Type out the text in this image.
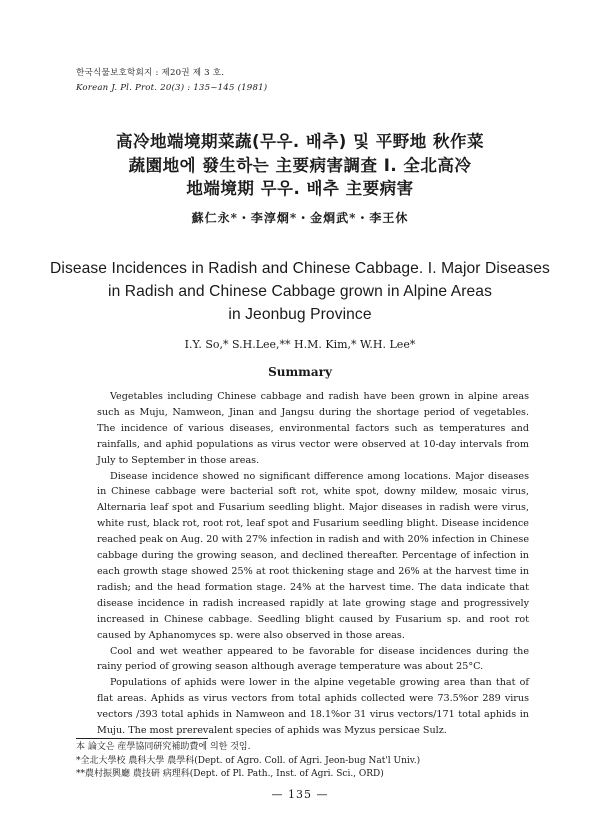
한국식물보호학회지 : 제20권 제 3 호.
Korean J. Pl. Prot. 20(3) : 135~145 (1981)
高冷地端境期菜蔬(무우. 배추) 및 平野地 秋作菜
蔬園地에 發生하는 主要病害調査 I. 全北高冷
地端境期 무우. 배추 主要病害
蘇仁永*・李淳烱*・金烱武*・李王休
Disease Incidences in Radish and Chinese Cabbage. I. Major Diseases
in Radish and Chinese Cabbage grown in Alpine Areas
in Jeonbug Province
I.Y. So,* S.H.Lee,** H.M. Kim,* W.H. Lee*
Summary

Vegetables including Chinese cabbage and radish have been grown in alpine areas such as Muju, Namweon, Jinan and Jangsu during the shortage period of vegetables. The incidence of various diseases, environmental factors such as temperatures and rainfalls, and aphid populations as virus vector were observed at 10-day intervals from July to September in those areas.

Disease incidence showed no significant difference among locations. Major diseases in Chinese cabbage were bacterial soft rot, white spot, downy mildew, mosaic virus, Alternaria leaf spot and Fusarium seedling blight. Major diseases in radish were virus, white rust, black rot, root rot, leaf spot and Fusarium seedling blight. Disease incidence reached peak on Aug. 20 with 27% infection in radish and with 20% infection in Chinese cabbage during the growing season, and declined thereafter. Percentage of infection in each growth stage showed 25% at root thickening stage and 26% at the harvest time in radish; and the head formation stage. 24% at the harvest time. The data indicate that disease incidence in radish increased rapidly at late growing stage and progressively increased in Chinese cabbage. Seedling blight caused by Fusarium sp. and root rot caused by Aphanomyces sp. were also observed in those areas.

Cool and wet weather appeared to be favorable for disease incidences during the rainy period of growing season although average temperature was about 25°C.

Populations of aphids were lower in the alpine vegetable growing area than that of flat areas. Aphids as virus vectors from total aphids collected were 73.5%or 289 virus vectors /393 total aphids in Namweon and 18.1%or 31 virus vectors/171 total aphids in Muju. The most prerevalent species of aphids was Myzus persicae Sulz.

本 論文은 産學協同硏究補助費에 의한 것임.
*全北大學校 農科大學 農學科(Dept. of Agro. Coll. of Agri. Jeon-bug Nat'l Univ.)
**農村振興廳 農技硏 病理科(Dept. of Pl. Path., Inst. of Agri. Sci., ORD)
— 135 —
